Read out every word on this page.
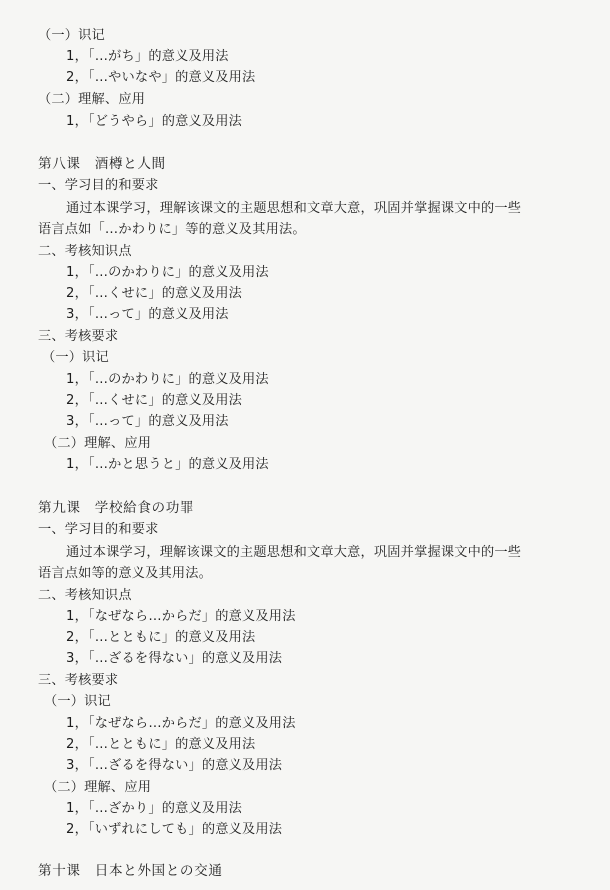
（一）识记
1，「…がち」的意义及用法
2，「…やいなや」的意义及用法
（二）理解、应用
1，「どうやら」的意义及用法
第八课　酒樽と人間
一、学习目的和要求
通过本课学习，理解该课文的主题思想和文章大意，巩固并掌握课文中的一些
语言点如「…かわりに」等的意义及其用法。
二、考核知识点
1，「…のかわりに」的意义及用法
2，「…くせに」的意义及用法
3，「…って」的意义及用法
三、考核要求
（一）识记
1，「…のかわりに」的意义及用法
2，「…くせに」的意义及用法
3，「…って」的意义及用法
（二）理解、应用
1，「…かと思うと」的意义及用法
第九课　学校給食の功罪
一、学习目的和要求
通过本课学习，理解该课文的主题思想和文章大意，巩固并掌握课文中的一些
语言点如等的意义及其用法。
二、考核知识点
1，「なぜなら…からだ」的意义及用法
2，「…とともに」的意义及用法
3，「…ざるを得ない」的意义及用法
三、考核要求
（一）识记
1，「なぜなら…からだ」的意义及用法
2，「…とともに」的意义及用法
3，「…ざるを得ない」的意义及用法
（二）理解、应用
1，「…ざかり」的意义及用法
2，「いずれにしても」的意义及用法
第十课　日本と外国との交通
